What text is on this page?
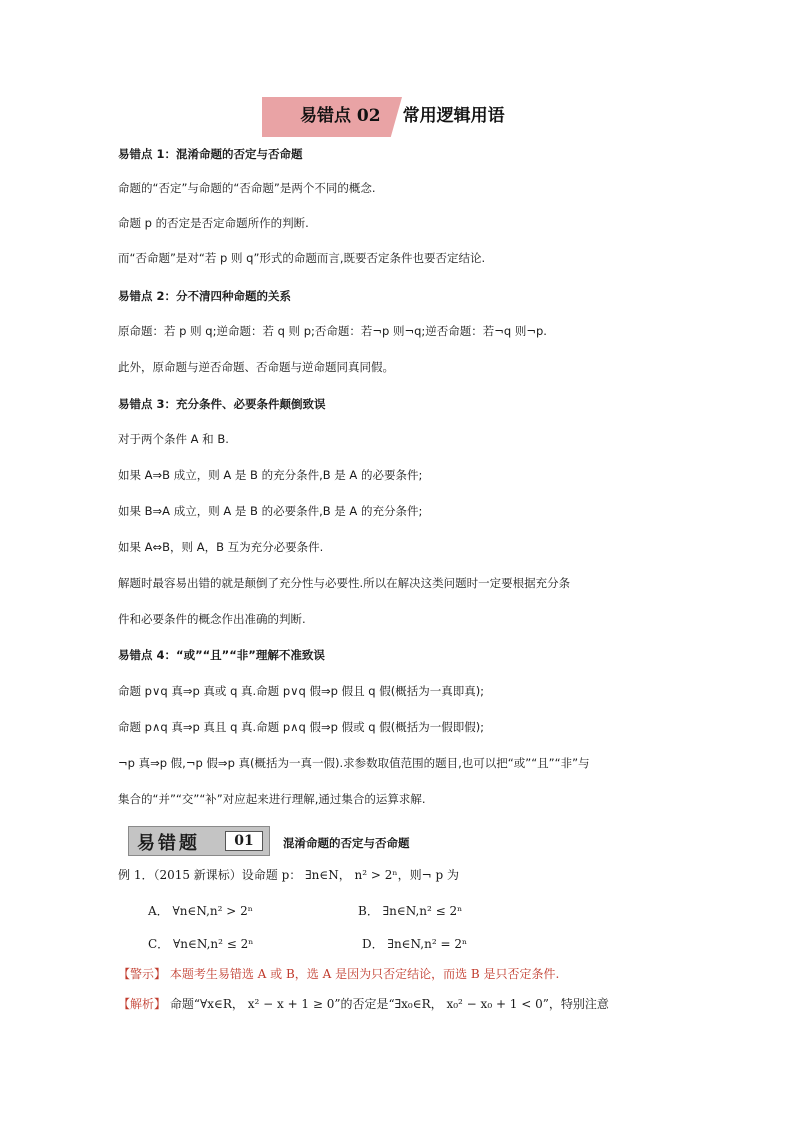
易错点 02 常用逻辑用语
易错点 1：混淆命题的否定与否命题
命题的“否定”与命题的“否命题”是两个不同的概念.
命题 p 的否定是否定命题所作的判断.
而“否命题”是对“若 p 则 q”形式的命题而言,既要否定条件也要否定结论.
易错点 2：分不清四种命题的关系
原命题：若 p 则 q;逆命题：若 q 则 p;否命题：若¬p 则¬q;逆否命题：若¬q 则¬p.
此外，原命题与逆否命题、否命题与逆命题同真同假。
易错点 3：充分条件、必要条件颠倒致误
对于两个条件 A 和 B.
如果 A⇒B 成立，则 A 是 B 的充分条件,B 是 A 的必要条件;
如果 B⇒A 成立，则 A 是 B 的必要条件,B 是 A 的充分条件;
如果 A⇔B，则 A，B 互为充分必要条件.
解题时最容易出错的就是颠倒了充分性与必要性.所以在解决这类问题时一定要根据充分条
件和必要条件的概念作出准确的判断.
易错点 4：“或”“且”“非”理解不准致误
命题 p∨q 真⇒p 真或 q 真.命题 p∨q 假⇒p 假且 q 假(概括为一真即真);
命题 p∧q 真⇒p 真且 q 真.命题 p∧q 假⇒p 假或 q 假(概括为一假即假);
¬p 真⇒p 假,¬p 假⇒p 真(概括为一真一假).求参数取值范围的题目,也可以把“或”“且”“非”与
集合的“并”“交”“补”对应起来进行理解,通过集合的运算求解.
易错题	01	混淆命题的否定与否命题
例 1．（2015 新课标）设命题 p： ∃n∈N， n² > 2ⁿ，则¬ p 为
A． ∀n∈N,n² > 2ⁿ	B． ∃n∈N,n² ≤ 2ⁿ
C． ∀n∈N,n² ≤ 2ⁿ	D． ∃n∈N,n² = 2ⁿ
【警示】 本题考生易错选 A 或 B，选 A 是因为只否定结论，而选 B 是只否定条件.
【解析】 命题“∀x∈R， x² − x + 1 ≥ 0”的否定是“∃x₀∈R， x₀² − x₀ + 1 < 0”，特别注意
